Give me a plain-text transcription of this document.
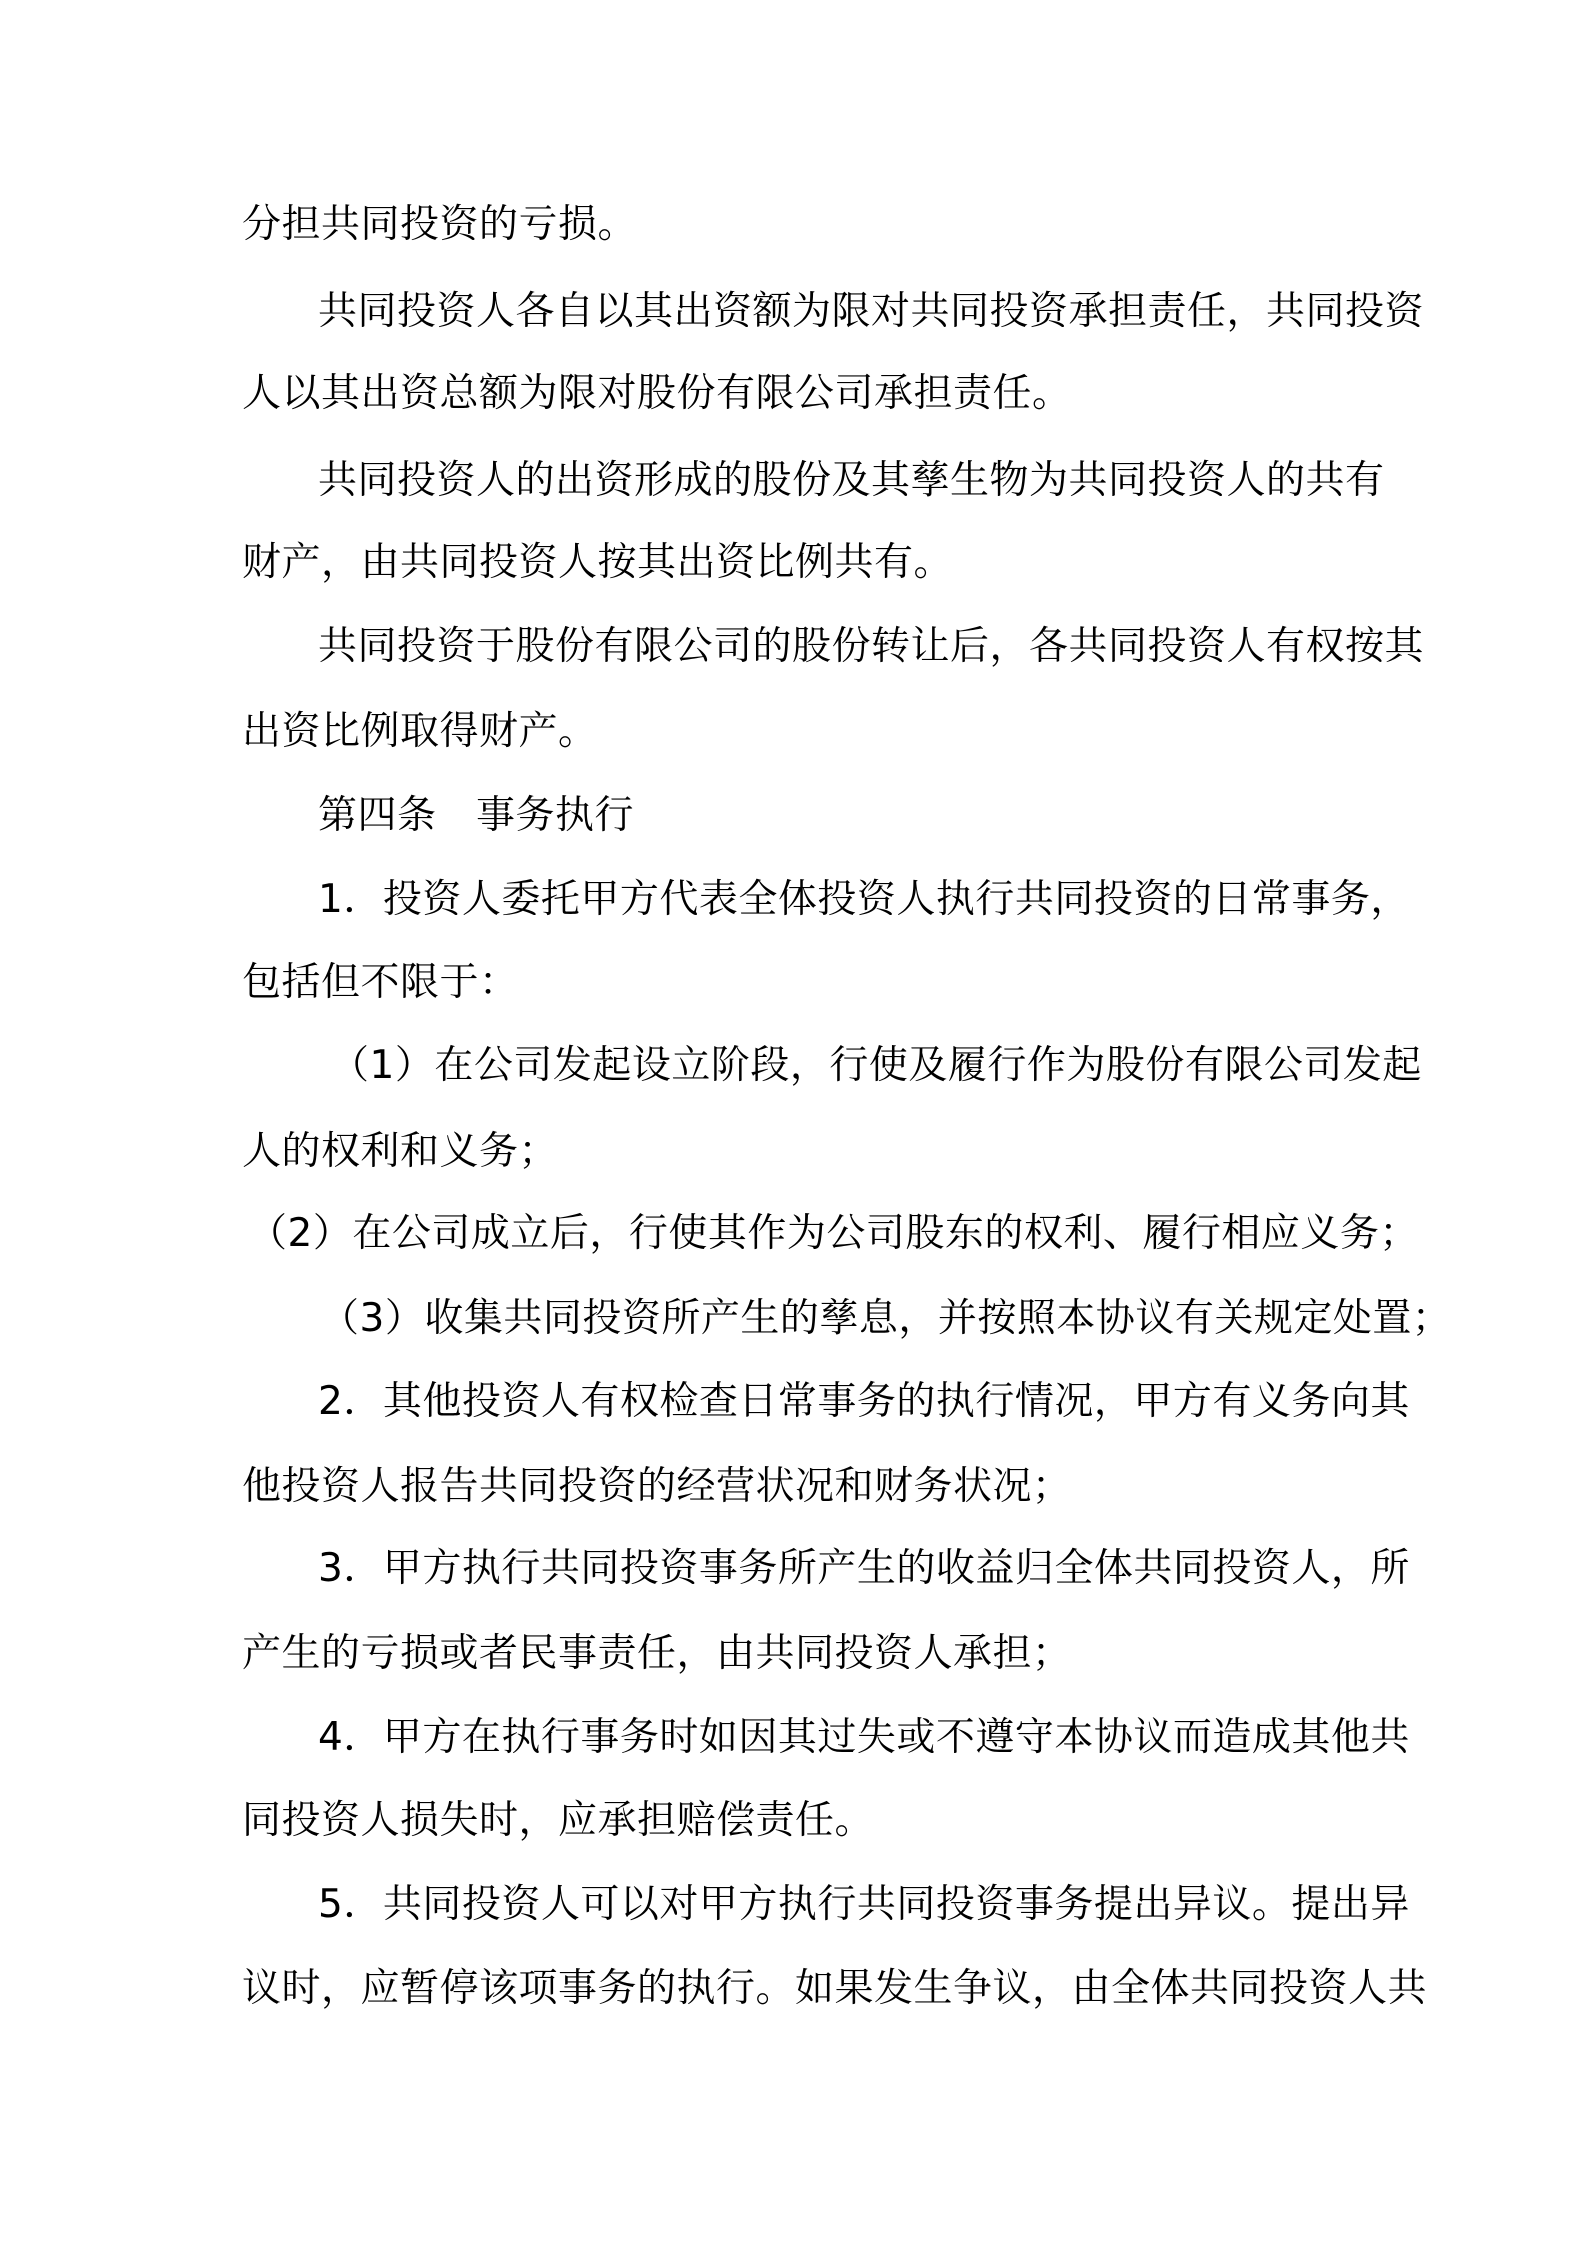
分担共同投资的亏损。
共同投资人各自以其出资额为限对共同投资承担责任，共同投资
人以其出资总额为限对股份有限公司承担责任。
共同投资人的出资形成的股份及其孳生物为共同投资人的共有
财产，由共同投资人按其出资比例共有。
共同投资于股份有限公司的股份转让后，各共同投资人有权按其
出资比例取得财产。
第四条　事务执行
1．投资人委托甲方代表全体投资人执行共同投资的日常事务，
包括但不限于：
（1）在公司发起设立阶段，行使及履行作为股份有限公司发起
人的权利和义务；
（2）在公司成立后，行使其作为公司股东的权利、履行相应义务；
（3）收集共同投资所产生的孳息，并按照本协议有关规定处置；
2．其他投资人有权检查日常事务的执行情况，甲方有义务向其
他投资人报告共同投资的经营状况和财务状况；
3．甲方执行共同投资事务所产生的收益归全体共同投资人，所
产生的亏损或者民事责任，由共同投资人承担；
4．甲方在执行事务时如因其过失或不遵守本协议而造成其他共
同投资人损失时，应承担赔偿责任。
5．共同投资人可以对甲方执行共同投资事务提出异议。提出异
议时，应暂停该项事务的执行。如果发生争议，由全体共同投资人共
